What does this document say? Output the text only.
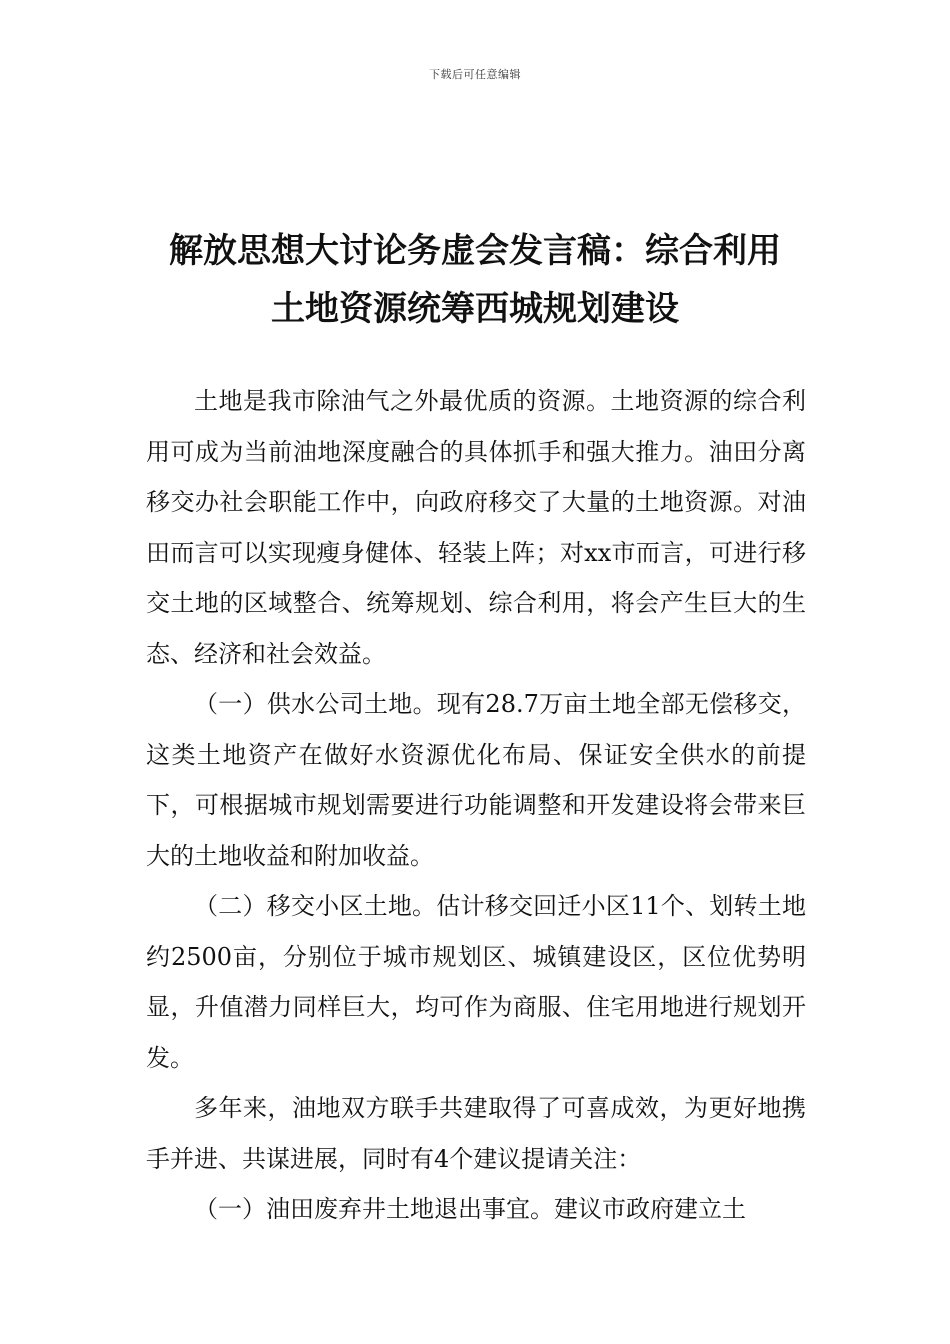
下载后可任意编辑
解放思想大讨论务虚会发言稿：综合利用
土地资源统筹西城规划建设

土地是我市除油气之外最优质的资源。土地资源的综合利用可成为当前油地深度融合的具体抓手和强大推力。油田分离移交办社会职能工作中，向政府移交了大量的土地资源。对油田而言可以实现瘦身健体、轻装上阵；对xx市而言，可进行移交土地的区域整合、统筹规划、综合利用，将会产生巨大的生态、经济和社会效益。

（一）供水公司土地。现有28.7万亩土地全部无偿移交，这类土地资产在做好水资源优化布局、保证安全供水的前提下，可根据城市规划需要进行功能调整和开发建设将会带来巨大的土地收益和附加收益。

（二）移交小区土地。估计移交回迁小区11个、划转土地约2500亩，分别位于城市规划区、城镇建设区，区位优势明显，升值潜力同样巨大，均可作为商服、住宅用地进行规划开发。

多年来，油地双方联手共建取得了可喜成效，为更好地携手并进、共谋进展，同时有4个建议提请关注：

（一）油田废弃井土地退出事宜。建议市政府建立土
